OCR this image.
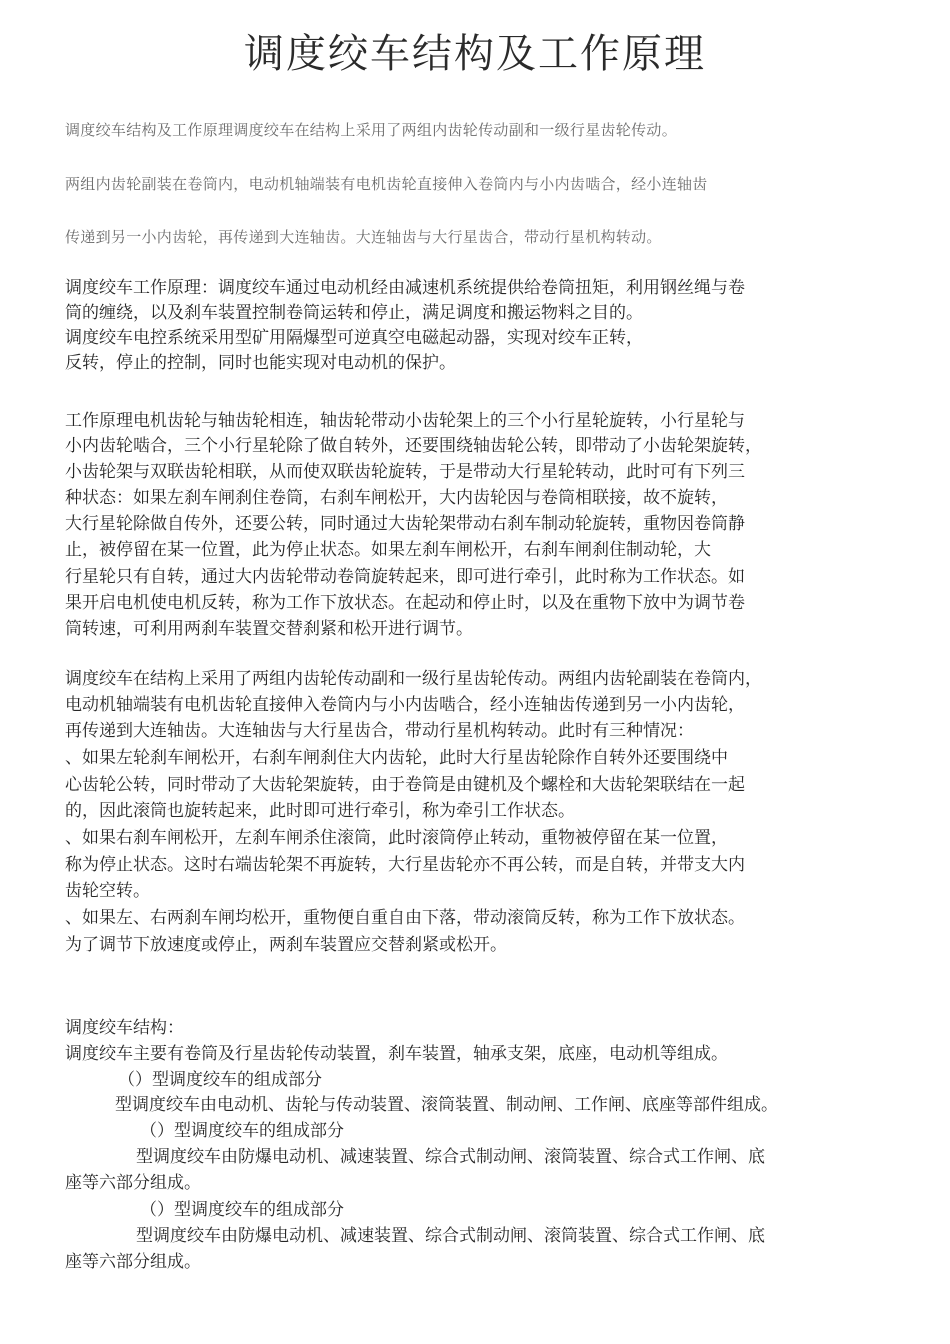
调度绞车结构及工作原理

调度绞车结构及工作原理调度绞车在结构上采用了两组内齿轮传动副和一级行星齿轮传动。

两组内齿轮副装在卷筒内，电动机轴端装有电机齿轮直接伸入卷筒内与小内齿啮合，经小连轴齿

传递到另一小内齿轮，再传递到大连轴齿。大连轴齿与大行星齿合，带动行星机构转动。

调度绞车工作原理：调度绞车通过电动机经由减速机系统提供给卷筒扭矩，利用钢丝绳与卷

筒的缠绕，以及刹车装置控制卷筒运转和停止，满足调度和搬运物料之目的。

调度绞车电控系统采用型矿用隔爆型可逆真空电磁起动器，实现对绞车正转，

反转，停止的控制，同时也能实现对电动机的保护。

工作原理电机齿轮与轴齿轮相连，轴齿轮带动小齿轮架上的三个小行星轮旋转，小行星轮与

小内齿轮啮合，三个小行星轮除了做自转外，还要围绕轴齿轮公转，即带动了小齿轮架旋转，

小齿轮架与双联齿轮相联，从而使双联齿轮旋转，于是带动大行星轮转动，此时可有下列三

种状态：如果左刹车闸刹住卷筒，右刹车闸松开，大内齿轮因与卷筒相联接，故不旋转，

大行星轮除做自传外，还要公转，同时通过大齿轮架带动右刹车制动轮旋转，重物因卷筒静

止，被停留在某一位置，此为停止状态。如果左刹车闸松开，右刹车闸刹住制动轮，大

行星轮只有自转，通过大内齿轮带动卷筒旋转起来，即可进行牵引，此时称为工作状态。如

果开启电机使电机反转，称为工作下放状态。在起动和停止时，以及在重物下放中为调节卷

筒转速，可利用两刹车装置交替刹紧和松开进行调节。

调度绞车在结构上采用了两组内齿轮传动副和一级行星齿轮传动。两组内齿轮副装在卷筒内，

电动机轴端装有电机齿轮直接伸入卷筒内与小内齿啮合，经小连轴齿传递到另一小内齿轮，

再传递到大连轴齿。大连轴齿与大行星齿合，带动行星机构转动。此时有三种情况：

、如果左轮刹车闸松开，右刹车闸刹住大内齿轮，此时大行星齿轮除作自转外还要围绕中

心齿轮公转，同时带动了大齿轮架旋转，由于卷筒是由键机及个螺栓和大齿轮架联结在一起

的，因此滚筒也旋转起来，此时即可进行牵引，称为牵引工作状态。

、如果右刹车闸松开，左刹车闸杀住滚筒，此时滚筒停止转动，重物被停留在某一位置，

称为停止状态。这时右端齿轮架不再旋转，大行星齿轮亦不再公转，而是自转，并带支大内

齿轮空转。

、如果左、右两刹车闸均松开，重物便自重自由下落，带动滚筒反转，称为工作下放状态。

为了调节下放速度或停止，两刹车装置应交替刹紧或松开。

调度绞车结构：

调度绞车主要有卷筒及行星齿轮传动装置，刹车装置，轴承支架，底座，电动机等组成。

（）型调度绞车的组成部分

型调度绞车由电动机、齿轮与传动装置、滚筒装置、制动闸、工作闸、底座等部件组成。

（）型调度绞车的组成部分

型调度绞车由防爆电动机、减速装置、综合式制动闸、滚筒装置、综合式工作闸、底

座等六部分组成。

（）型调度绞车的组成部分

型调度绞车由防爆电动机、减速装置、综合式制动闸、滚筒装置、综合式工作闸、底

座等六部分组成。
